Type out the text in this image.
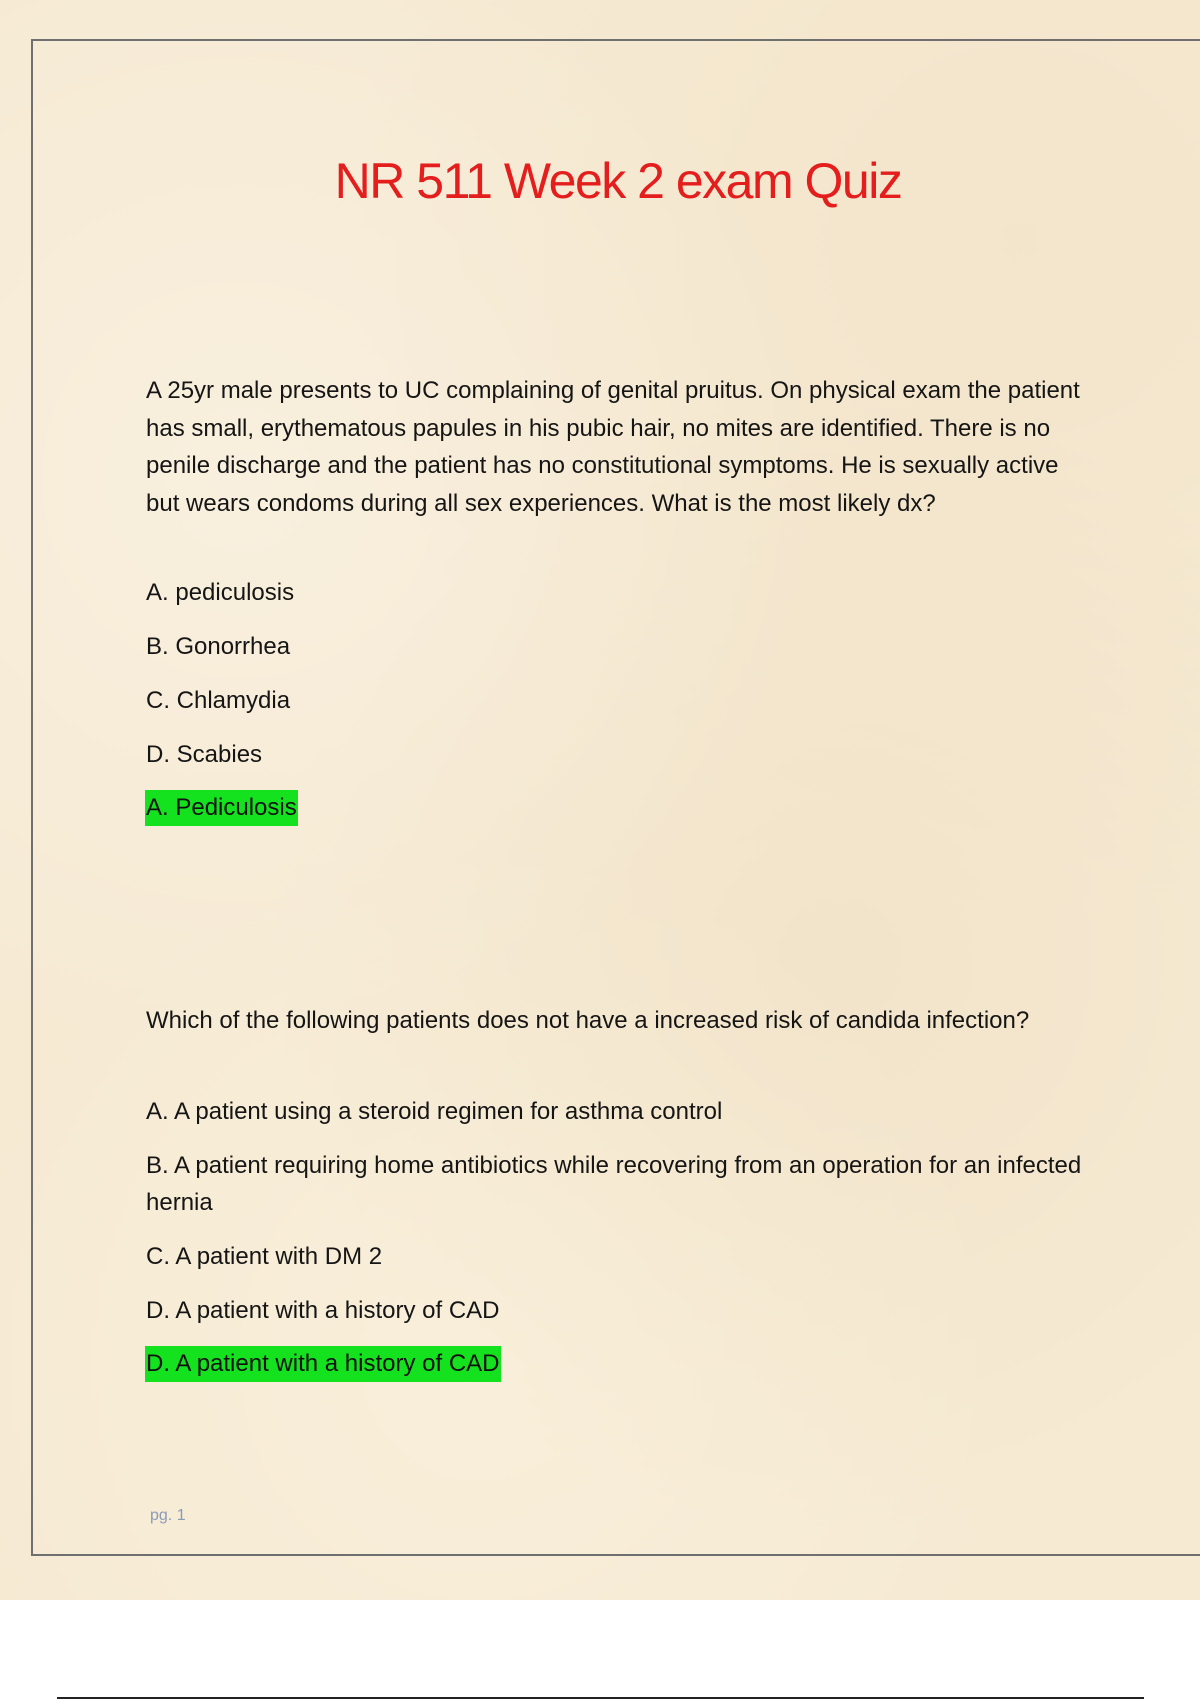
NR 511 Week 2 exam Quiz
A 25yr male presents to UC complaining of genital pruitus. On physical exam the patient has small, erythematous papules in his pubic hair, no mites are identified. There is no penile discharge and the patient has no constitutional symptoms. He is sexually active but wears condoms during all sex experiences. What is the most likely dx?
A. pediculosis
B. Gonorrhea
C. Chlamydia
D. Scabies
A. Pediculosis
Which of the following patients does not have a increased risk of candida infection?
A. A patient using a steroid regimen for asthma control
B. A patient requiring home antibiotics while recovering from an operation for an infected hernia
C. A patient with DM 2
D. A patient with a history of CAD
D. A patient with a history of CAD
pg. 1
